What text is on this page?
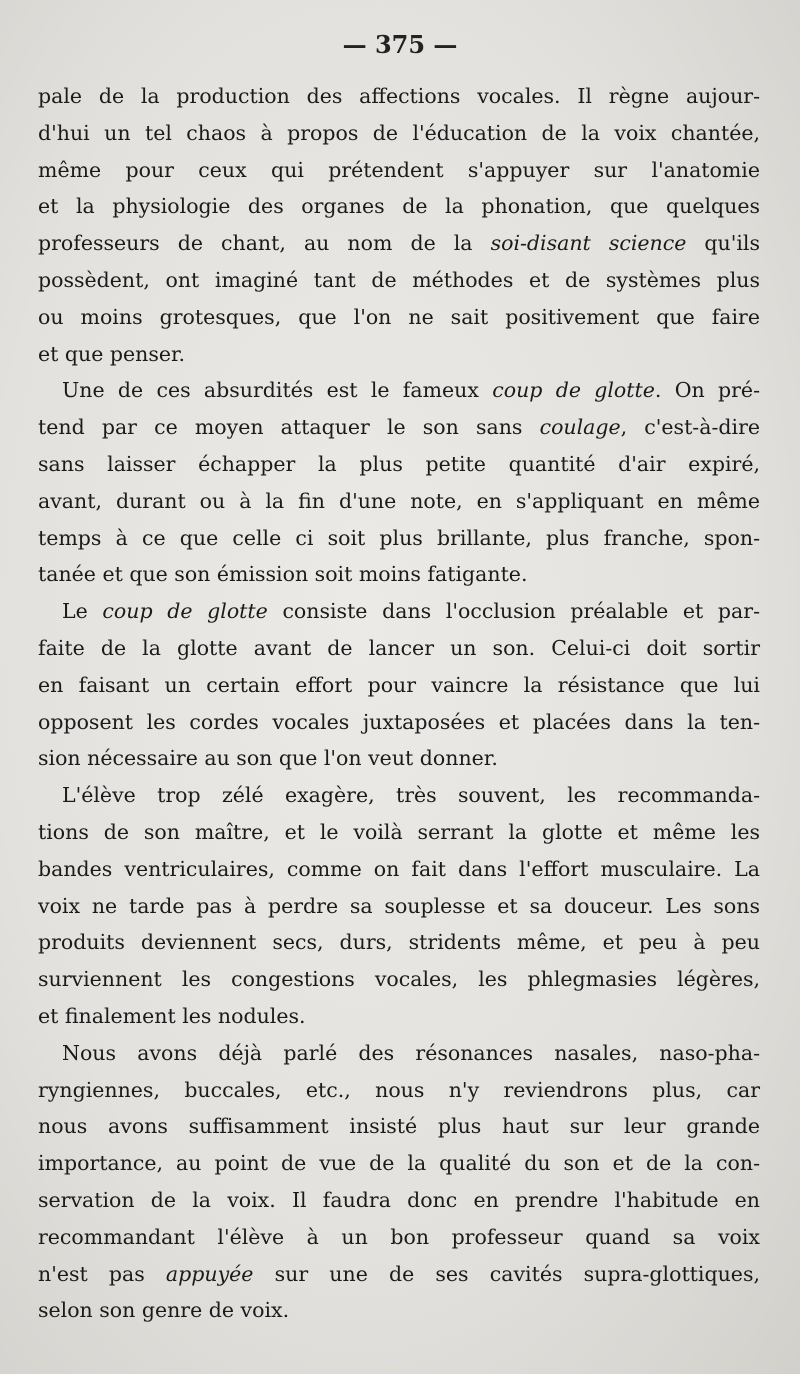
— 375 —
pale de la production des affections vocales. Il règne aujour-
d'hui un tel chaos à propos de l'éducation de la voix chantée,
même pour ceux qui prétendent s'appuyer sur l'anatomie
et la physiologie des organes de la phonation, que quelques
professeurs de chant, au nom de la soi-disant science qu'ils
possèdent, ont imaginé tant de méthodes et de systèmes plus
ou moins grotesques, que l'on ne sait positivement que faire
et que penser.
Une de ces absurdités est le fameux coup de glotte. On pré-
tend par ce moyen attaquer le son sans coulage, c'est-à-dire
sans laisser échapper la plus petite quantité d'air expiré,
avant, durant ou à la fin d'une note, en s'appliquant en même
temps à ce que celle ci soit plus brillante, plus franche, spon-
tanée et que son émission soit moins fatigante.
Le coup de glotte consiste dans l'occlusion préalable et par-
faite de la glotte avant de lancer un son. Celui-ci doit sortir
en faisant un certain effort pour vaincre la résistance que lui
opposent les cordes vocales juxtaposées et placées dans la ten-
sion nécessaire au son que l'on veut donner.
L'élève trop zélé exagère, très souvent, les recommanda-
tions de son maître, et le voilà serrant la glotte et même les
bandes ventriculaires, comme on fait dans l'effort musculaire. La
voix ne tarde pas à perdre sa souplesse et sa douceur. Les sons
produits deviennent secs, durs, stridents même, et peu à peu
surviennent les congestions vocales, les phlegmasies légères,
et finalement les nodules.
Nous avons déjà parlé des résonances nasales, naso-pha-
ryngiennes, buccales, etc., nous n'y reviendrons plus, car
nous avons suffisamment insisté plus haut sur leur grande
importance, au point de vue de la qualité du son et de la con-
servation de la voix. Il faudra donc en prendre l'habitude en
recommandant l'élève à un bon professeur quand sa voix
n'est pas appuyée sur une de ses cavités supra-glottiques,
selon son genre de voix.
